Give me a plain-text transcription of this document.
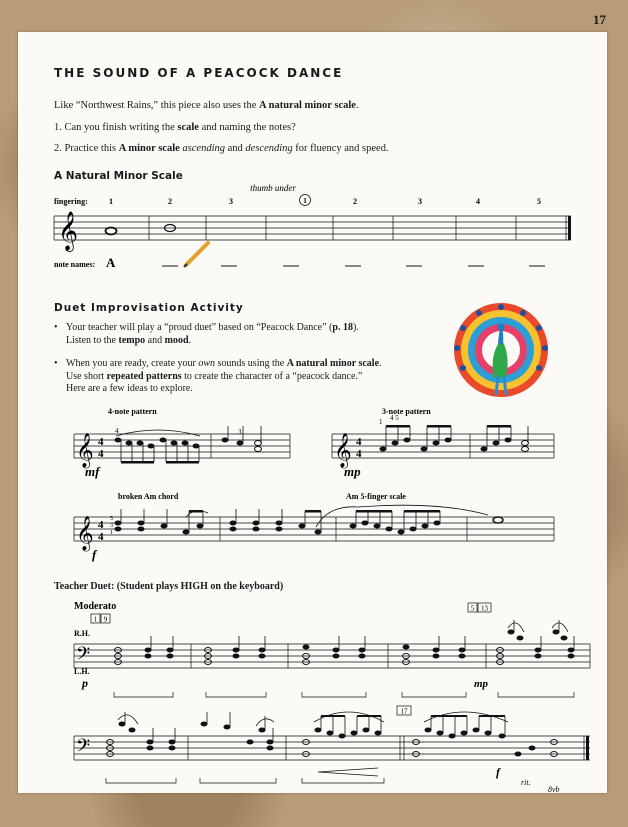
17
THE SOUND OF A PEACOCK DANCE
Like “Northwest Rains,” this piece also uses the A natural minor scale.
1. Can you finish writing the scale and naming the notes?
2. Practice this A minor scale ascending and descending for fluency and speed.
A Natural Minor Scale
thumb under
fingering:	1	2	3	1	2	3	4	5
𝄞
note names: A
Duet Improvisation Activity
• Your teacher will play a “proud duet” based on “Peacock Dance” (p. 18).
Listen to the tempo and mood.
• When you are ready, create your own sounds using the A natural minor scale.
Use short repeated patterns to create the character of a “peacock dance.”
Here are a few ideas to explore.
4-note pattern	3-note pattern
𝄞	𝄞
4
4
4
4
4	3
mf
1 4 5
mp
broken Am chord	Am 5-finger scale
𝄞 4
4
5
3
1
f
Teacher Duet: (Student plays HIGH on the keyboard)
Moderato
1 9
5 13
R.H.
L.H.
p
𝄢
mp
17
𝄢
f
rit.
8vb
